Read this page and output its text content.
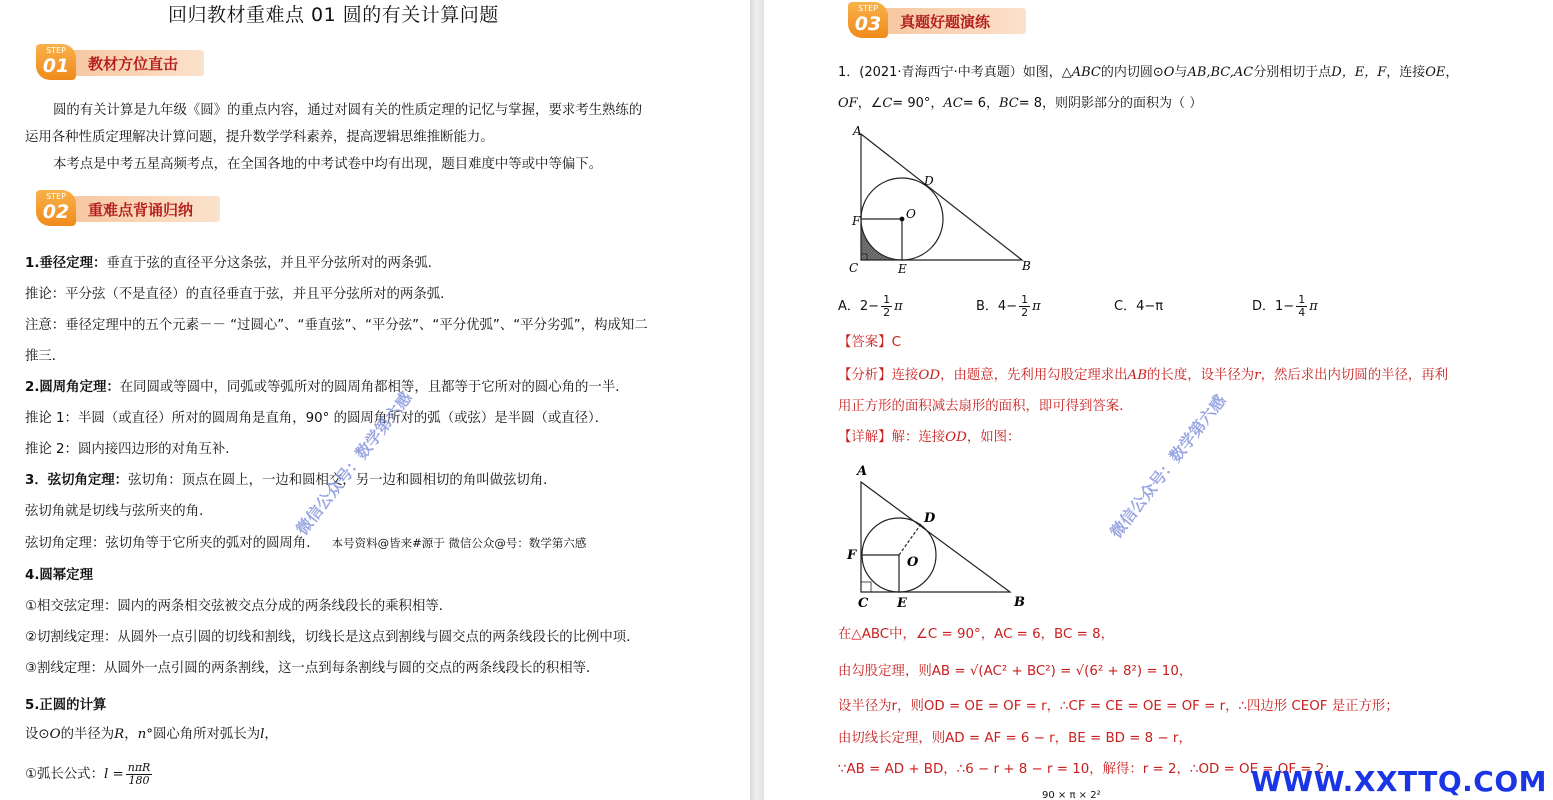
回归教材重难点 01 圆的有关计算问题
STEP
01	教材方位直击
圆的有关计算是九年级《圆》的重点内容，通过对圆有关的性质定理的记忆与掌握，要求考生熟练的
运用各种性质定理解决计算问题，提升数学学科素养，提高逻辑思维推断能力。
本考点是中考五星高频考点，在全国各地的中考试卷中均有出现，题目难度中等或中等偏下。
STEP
02	重难点背诵归纳
1.垂径定理：垂直于弦的直径平分这条弦，并且平分弦所对的两条弧．
推论：平分弦（不是直径）的直径垂直于弦，并且平分弦所对的两条弧．
注意：垂径定理中的五个元素－－ “过圆心”、“垂直弦”、“平分弦”、“平分优弧”、“平分劣弧”，构成知二
推三．
2.圆周角定理：在同圆或等圆中，同弧或等弧所对的圆周角都相等，且都等于它所对的圆心角的一半．
推论 1：半圆（或直径）所对的圆周角是直角，90° 的圆周角所对的弧（或弦）是半圆（或直径）．
推论 2：圆内接四边形的对角互补．
3．弦切角定理：弦切角：顶点在圆上，一边和圆相交，另一边和圆相切的角叫做弦切角．
弦切角就是切线与弦所夹的角．
弦切角定理：弦切角等于它所夹的弧对的圆周角． 本号资料@皆来#源于 微信公众@号：数学第六感
4.圆幂定理
①相交弦定理：圆内的两条相交弦被交点分成的两条线段长的乘积相等．
②切割线定理：从圆外一点引圆的切线和割线，切线长是这点到割线与圆交点的两条线段长的比例中项．
③割线定理：从圆外一点引圆的两条割线，这一点到每条割线与圆的交点的两条线段长的积相等．
5.正圆的计算
设⊙O的半径为R，n°圆心角所对弧长为l，
①弧长公式：$l = \frac{\text{nπR}}{180}$
微信公众号：数学第六感
STEP
03	真题好题演练
1．(2021·青海西宁·中考真题）如图，△ABC的内切圆⊙O与AB,BC,AC分别相切于点D，E，F，连接OE，
OF，∠C= 90°，AC= 6，BC= 8，则阴影部分的面积为（ ）
A
C
F	O
E	B
D
A．$2- \frac{1}{2}$ π	B．$4- \frac{1}{2}$ π	C．4−π	D．$1- \frac{1}{4}$ π
【答案】C
【分析】连接OD，由题意，先利用勾股定理求出AB的长度，设半径为r，然后求出内切圆的半径，再利
用正方形的面积减去扇形的面积，即可得到答案．
【详解】解：连接OD，如图：
A
C
F	O
E	B
D
在△ABC中，∠C = 90°，AC = 6，BC = 8，
由勾股定理，则AB = √(AC² + BC²) = √(6² + 8²) = 10，
设半径为r，则OD = OE = OF = r，∴CF = CE = OE = OF = r，∴四边形 CEOF 是正方形；
由切线长定理，则AD = AF = 6 − r，BE = BD = 8 − r，
∵AB = AD + BD，∴6 − r + 8 − r = 10，解得：r = 2，∴OD = OE = OF = 2；
90 × π × 2²
微信公众号：数学第六感
WWW.XXTTQ.COM
